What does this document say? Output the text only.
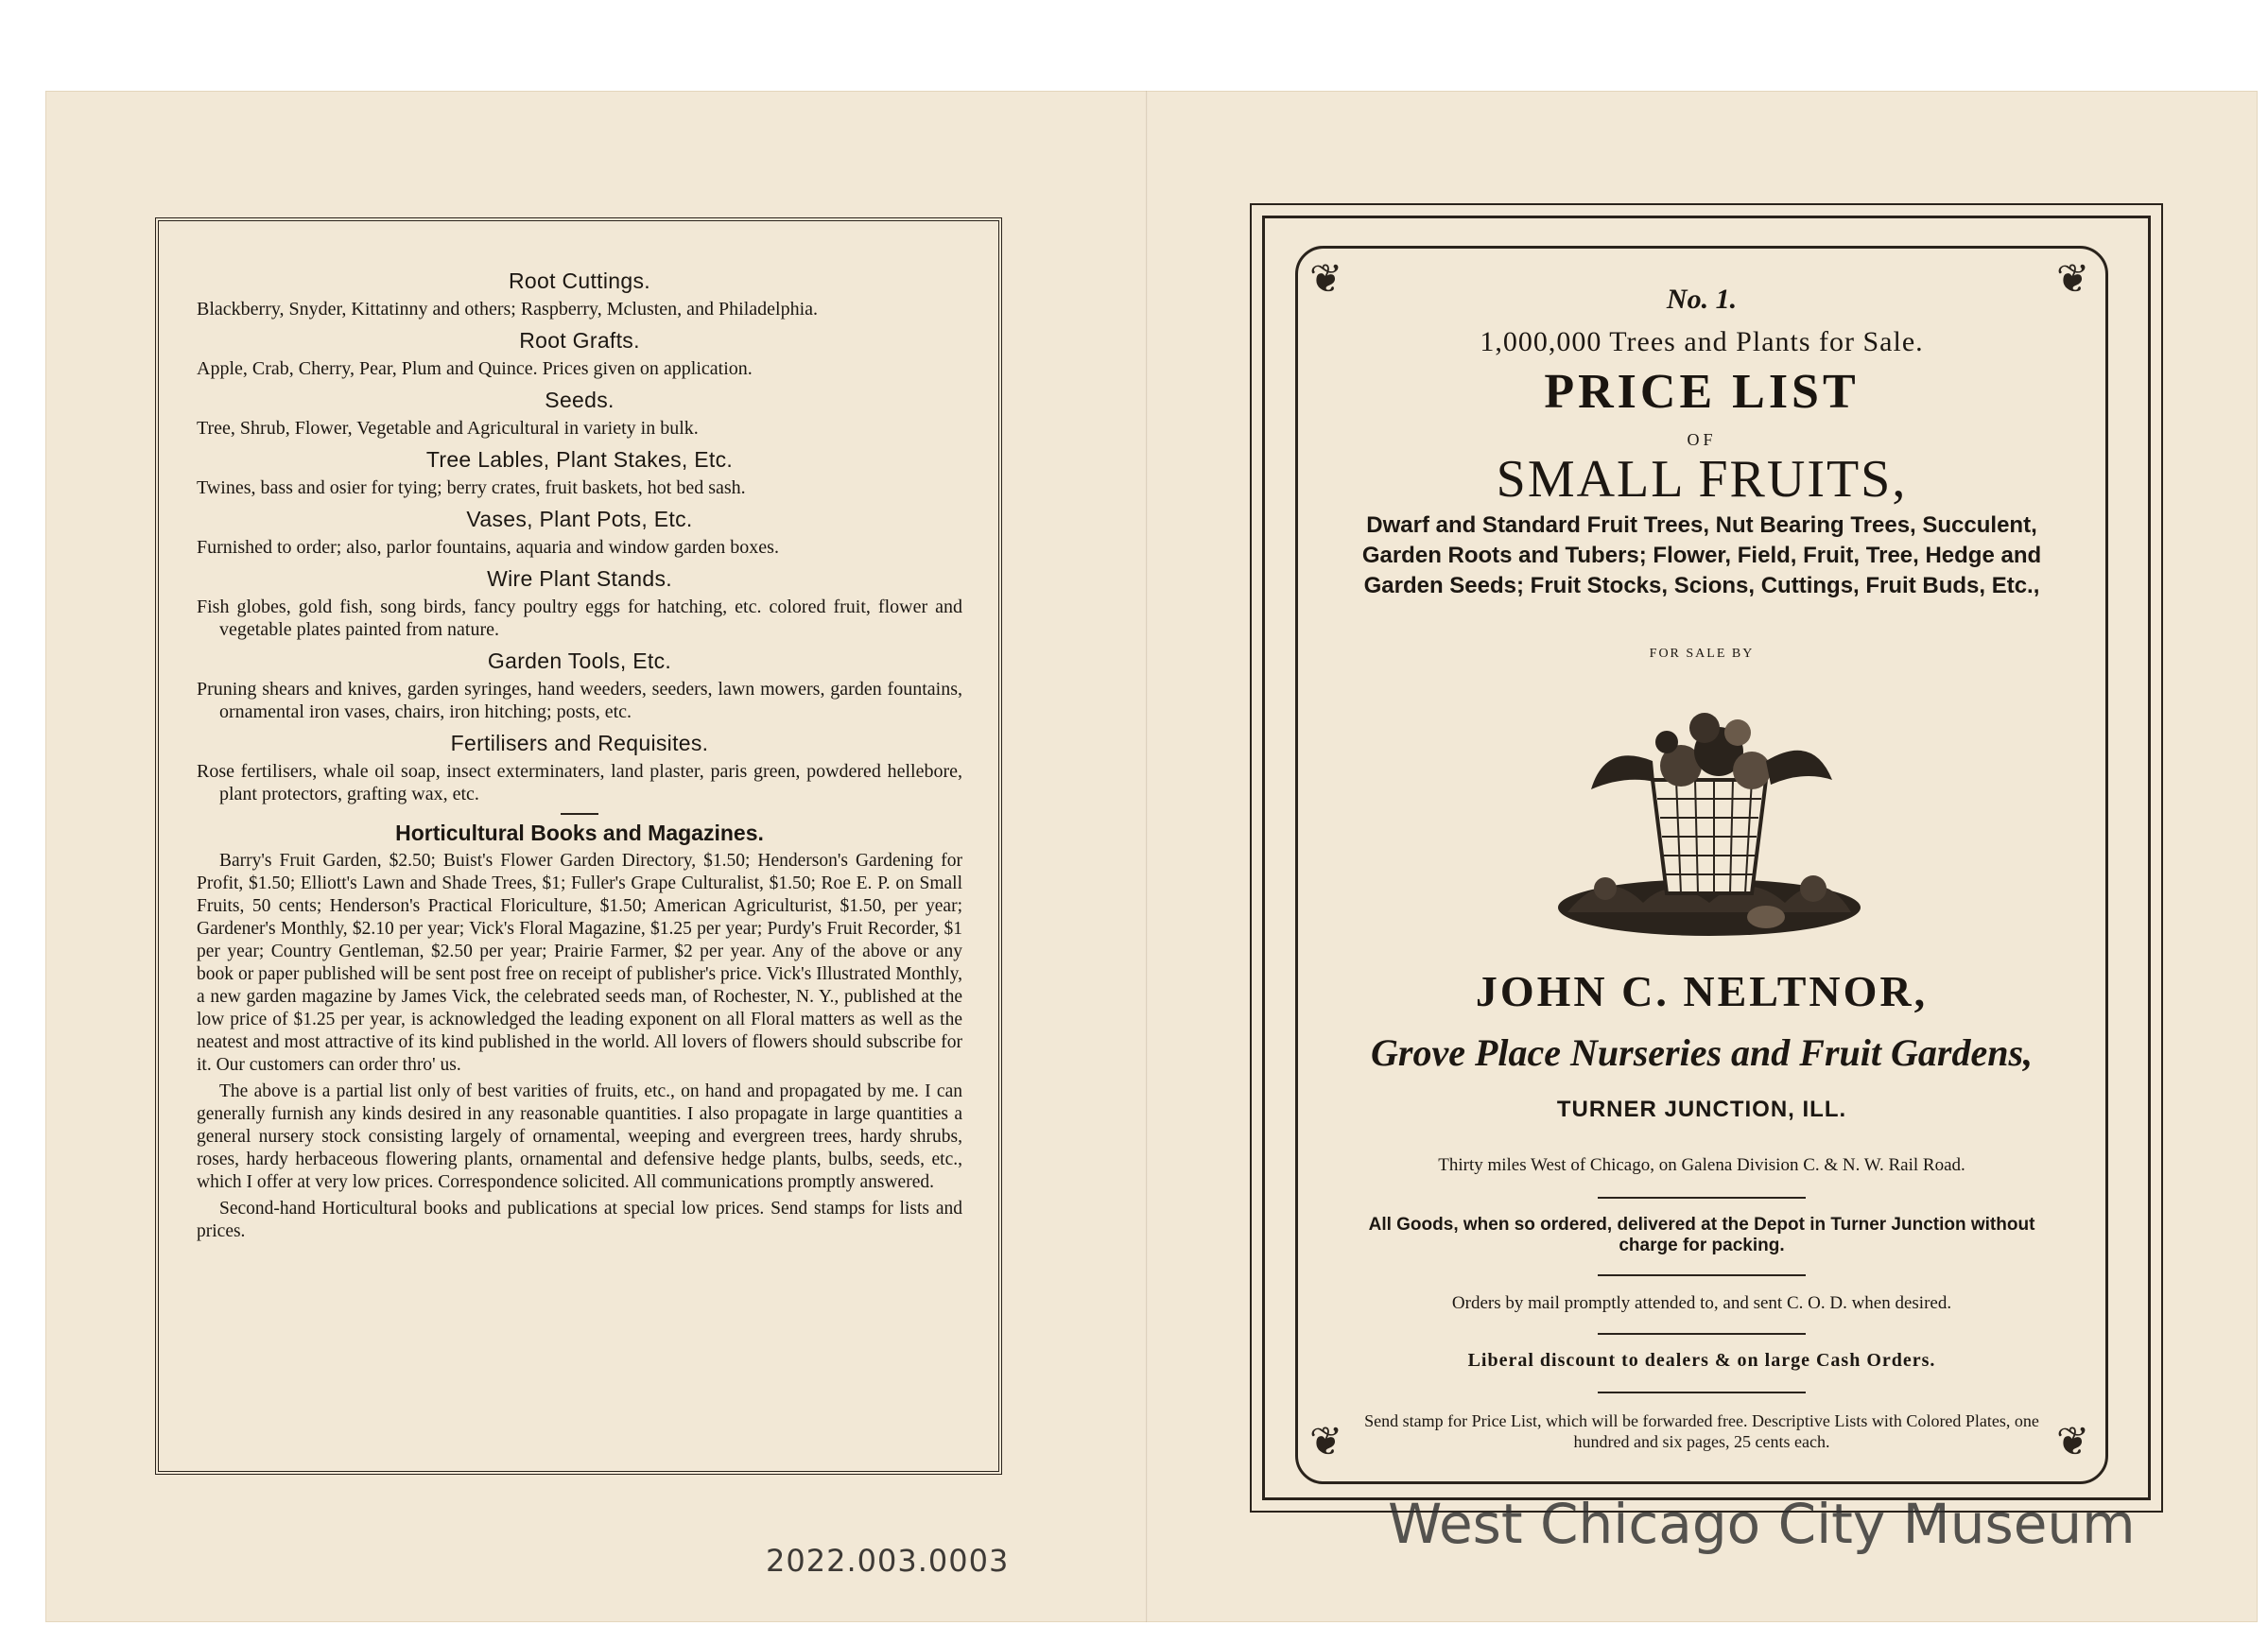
Root Cuttings.
Blackberry, Snyder, Kittatinny and others; Raspberry, Mclusten, and Philadelphia.
Root Grafts.
Apple, Crab, Cherry, Pear, Plum and Quince. Prices given on application.
Seeds.
Tree, Shrub, Flower, Vegetable and Agricultural in variety in bulk.
Tree Lables, Plant Stakes, Etc.
Twines, bass and osier for tying; berry crates, fruit baskets, hot bed sash.
Vases, Plant Pots, Etc.
Furnished to order; also, parlor fountains, aquaria and window garden boxes.
Wire Plant Stands.
Fish globes, gold fish, song birds, fancy poultry eggs for hatching, etc. colored fruit, flower and vegetable plates painted from nature.
Garden Tools, Etc.
Pruning shears and knives, garden syringes, hand weeders, seeders, lawn mowers, garden fountains, ornamental iron vases, chairs, iron hitching; posts, etc.
Fertilisers and Requisites.
Rose fertilisers, whale oil soap, insect exterminaters, land plaster, paris green, powdered hellebore, plant protectors, grafting wax, etc.
Horticultural Books and Magazines.

Barry's Fruit Garden, $2.50; Buist's Flower Garden Directory, $1.50; Henderson's Gardening for Profit, $1.50; Elliott's Lawn and Shade Trees, $1; Fuller's Grape Culturalist, $1.50; Roe E. P. on Small Fruits, 50 cents; Henderson's Practical Floriculture, $1.50; American Agriculturist, $1.50, per year; Gardener's Monthly, $2.10 per year; Vick's Floral Magazine, $1.25 per year; Purdy's Fruit Recorder, $1 per year; Country Gentleman, $2.50 per year; Prairie Farmer, $2 per year. Any of the above or any book or paper published will be sent post free on receipt of publisher's price. Vick's Illustrated Monthly, a new garden magazine by James Vick, the celebrated seeds man, of Rochester, N. Y., published at the low price of $1.25 per year, is acknowledged the leading exponent on all Floral matters as well as the neatest and most attractive of its kind published in the world. All lovers of flowers should subscribe for it. Our customers can order thro' us.

The above is a partial list only of best varities of fruits, etc., on hand and propagated by me. I can generally furnish any kinds desired in any reasonable quantities. I also propagate in large quantities a general nursery stock consisting largely of ornamental, weeping and evergreen trees, hardy shrubs, roses, hardy herbaceous flowering plants, ornamental and defensive hedge plants, bulbs, seeds, etc., which I offer at very low prices. Correspondence solicited. All communications promptly answered.

Second-hand Horticultural books and publications at special low prices. Send stamps for lists and prices.

❦	❦
❦	❦
No. 1.
1,000,000 Trees and Plants for Sale.
PRICE LIST
OF
SMALL FRUITS,
Dwarf and Standard Fruit Trees, Nut Bearing Trees, Succulent, Garden Roots and Tubers; Flower, Field, Fruit, Tree, Hedge and Garden Seeds; Fruit Stocks, Scions, Cuttings, Fruit Buds, Etc.,
FOR SALE BY
JOHN C. NELTNOR,
Grove Place Nurseries and Fruit Gardens,
TURNER JUNCTION, ILL.
Thirty miles West of Chicago, on Galena Division C. & N. W. Rail Road.
All Goods, when so ordered, delivered at the Depot in Turner Junction without charge for packing.
Orders by mail promptly attended to, and sent C. O. D. when desired.
Liberal discount to dealers & on large Cash Orders.
Send stamp for Price List, which will be forwarded free. Descriptive Lists with Colored Plates, one hundred and six pages, 25 cents each.
2022.003.0003
West Chicago City Museum
